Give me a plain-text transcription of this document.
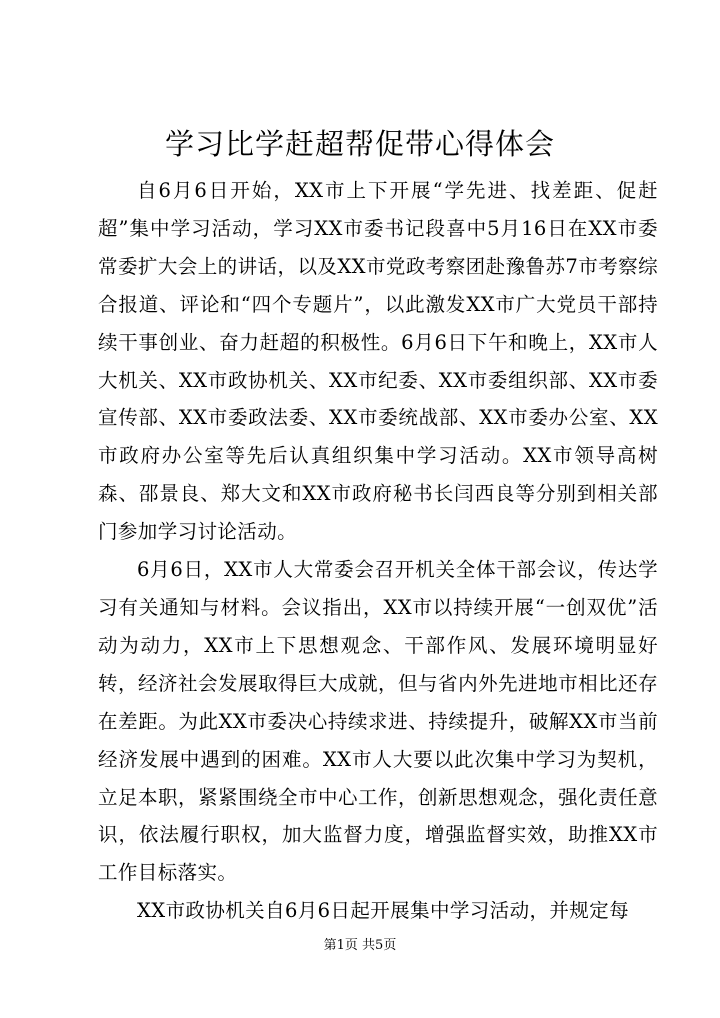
学习比学赶超帮促带心得体会

自6月6日开始，XX市上下开展“学先进、找差距、促赶超”集中学习活动，学习XX市委书记段喜中5月16日在XX市委常委扩大会上的讲话，以及XX市党政考察团赴豫鲁苏7市考察综合报道、评论和“四个专题片”，以此激发XX市广大党员干部持续干事创业、奋力赶超的积极性。6月6日下午和晚上，XX市人大机关、XX市政协机关、XX市纪委、XX市委组织部、XX市委宣传部、XX市委政法委、XX市委统战部、XX市委办公室、XX市政府办公室等先后认真组织集中学习活动。XX市领导高树森、邵景良、郑大文和XX市政府秘书长闫西良等分别到相关部门参加学习讨论活动。

6月6日，XX市人大常委会召开机关全体干部会议，传达学习有关通知与材料。会议指出，XX市以持续开展“一创双优”活动为动力，XX市上下思想观念、干部作风、发展环境明显好转，经济社会发展取得巨大成就，但与省内外先进地市相比还存在差距。为此XX市委决心持续求进、持续提升，破解XX市当前经济发展中遇到的困难。XX市人大要以此次集中学习为契机，立足本职，紧紧围绕全市中心工作，创新思想观念，强化责任意识，依法履行职权，加大监督力度，增强监督实效，助推XX市工作目标落实。

XX市政协机关自6月6日起开展集中学习活动，并规定每

第1页 共5页
